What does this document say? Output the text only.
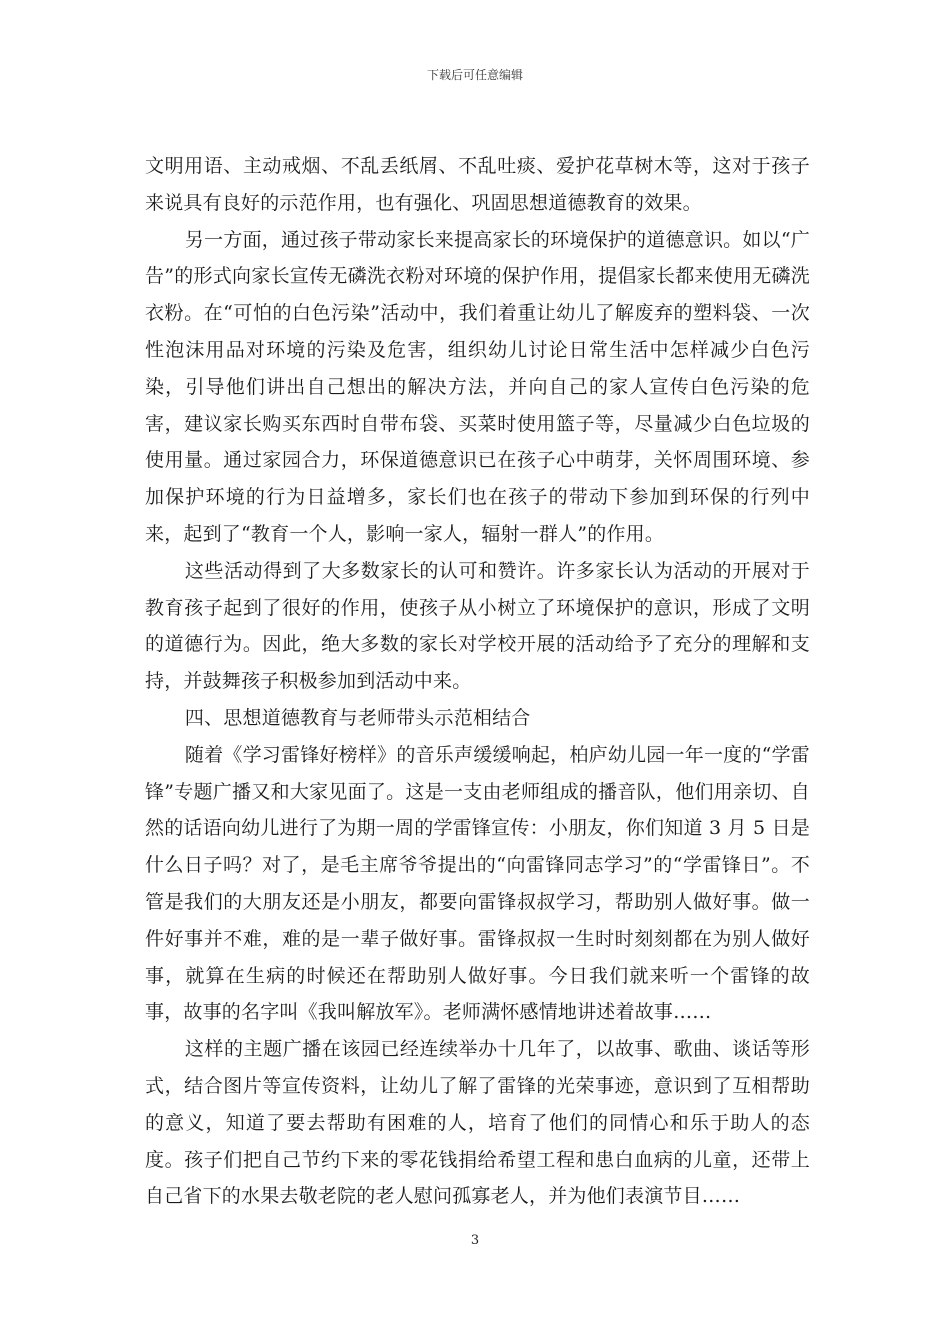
下载后可任意编辑

文明用语、主动戒烟、不乱丢纸屑、不乱吐痰、爱护花草树木等，这对于孩子来说具有良好的示范作用，也有强化、巩固思想道德教育的效果。

另一方面，通过孩子带动家长来提高家长的环境保护的道德意识。如以“广告”的形式向家长宣传无磷洗衣粉对环境的保护作用，提倡家长都来使用无磷洗衣粉。在“可怕的白色污染”活动中，我们着重让幼儿了解废弃的塑料袋、一次性泡沫用品对环境的污染及危害，组织幼儿讨论日常生活中怎样减少白色污染，引导他们讲出自己想出的解决方法，并向自己的家人宣传白色污染的危害，建议家长购买东西时自带布袋、买菜时使用篮子等，尽量减少白色垃圾的使用量。通过家园合力，环保道德意识已在孩子心中萌芽，关怀周围环境、参加保护环境的行为日益增多，家长们也在孩子的带动下参加到环保的行列中来，起到了“教育一个人，影响一家人，辐射一群人”的作用。

这些活动得到了大多数家长的认可和赞许。许多家长认为活动的开展对于教育孩子起到了很好的作用，使孩子从小树立了环境保护的意识，形成了文明的道德行为。因此，绝大多数的家长对学校开展的活动给予了充分的理解和支持，并鼓舞孩子积极参加到活动中来。

四、思想道德教育与老师带头示范相结合

随着《学习雷锋好榜样》的音乐声缓缓响起，柏庐幼儿园一年一度的“学雷锋”专题广播又和大家见面了。这是一支由老师组成的播音队，他们用亲切、自然的话语向幼儿进行了为期一周的学雷锋宣传：小朋友，你们知道 3 月 5 日是什么日子吗？对了，是毛主席爷爷提出的“向雷锋同志学习”的“学雷锋日”。不管是我们的大朋友还是小朋友，都要向雷锋叔叔学习，帮助别人做好事。做一件好事并不难，难的是一辈子做好事。雷锋叔叔一生时时刻刻都在为别人做好事，就算在生病的时候还在帮助别人做好事。今日我们就来听一个雷锋的故事，故事的名字叫《我叫解放军》。老师满怀感情地讲述着故事……

这样的主题广播在该园已经连续举办十几年了，以故事、歌曲、谈话等形式，结合图片等宣传资料，让幼儿了解了雷锋的光荣事迹，意识到了互相帮助的意义，知道了要去帮助有困难的人，培育了他们的同情心和乐于助人的态度。孩子们把自己节约下来的零花钱捐给希望工程和患白血病的儿童，还带上自己省下的水果去敬老院的老人慰问孤寡老人，并为他们表演节目……

3
